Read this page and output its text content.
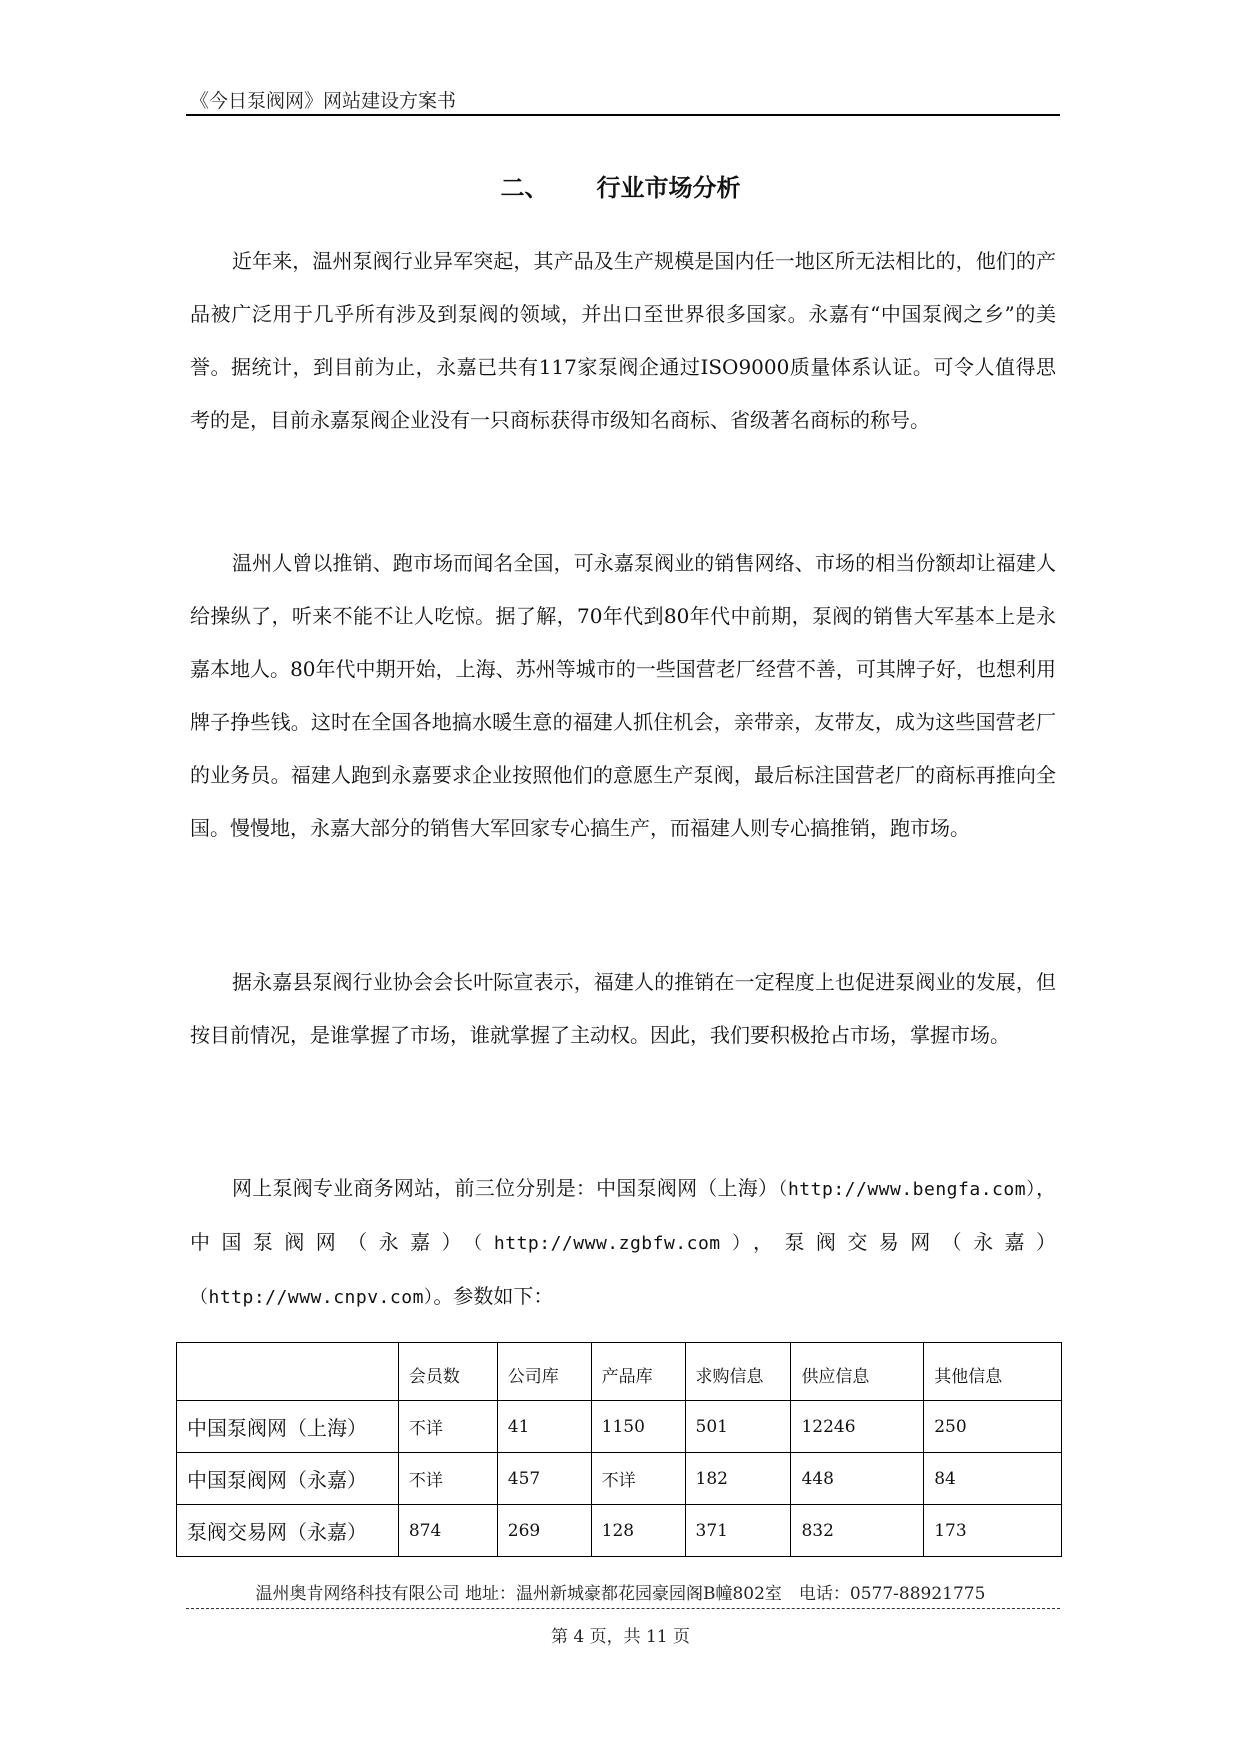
《今日泵阀网》网站建设方案书
二、 行业市场分析

近年来，温州泵阀行业异军突起，其产品及生产规模是国内任一地区所无法相比的，他们的产品被广泛用于几乎所有涉及到泵阀的领域，并出口至世界很多国家。永嘉有“中国泵阀之乡”的美誉。据统计，到目前为止，永嘉已共有117家泵阀企通过ISO9000质量体系认证。可令人值得思考的是，目前永嘉泵阀企业没有一只商标获得市级知名商标、省级著名商标的称号。

温州人曾以推销、跑市场而闻名全国，可永嘉泵阀业的销售网络、市场的相当份额却让福建人给操纵了，听来不能不让人吃惊。据了解，70年代到80年代中前期，泵阀的销售大军基本上是永嘉本地人。80年代中期开始，上海、苏州等城市的一些国营老厂经营不善，可其牌子好，也想利用牌子挣些钱。这时在全国各地搞水暖生意的福建人抓住机会，亲带亲，友带友，成为这些国营老厂的业务员。福建人跑到永嘉要求企业按照他们的意愿生产泵阀，最后标注国营老厂的商标再推向全国。慢慢地，永嘉大部分的销售大军回家专心搞生产，而福建人则专心搞推销，跑市场。

据永嘉县泵阀行业协会会长叶际宣表示，福建人的推销在一定程度上也促进泵阀业的发展，但按目前情况，是谁掌握了市场，谁就掌握了主动权。因此，我们要积极抢占市场，掌握市场。

网上泵阀专业商务网站，前三位分别是：中国泵阀网（上海）（http://www.bengfa.com），中国泵阀网（永嘉）（http://www.zgbfw.com），泵阀交易网（永嘉）（http://www.cnpv.com）。参数如下：

	会员数	公司库	产品库	求购信息	供应信息	其他信息
中国泵阀网（上海）	不详	41	1150	501	12246	250
中国泵阀网（永嘉）	不详	457	不详	182	448	84
泵阀交易网（永嘉）	874	269	128	371	832	173
温州奥肯网络科技有限公司 地址：温州新城豪都花园豪园阁B幢802室　电话：0577-88921775
第 4 页，共 11 页
